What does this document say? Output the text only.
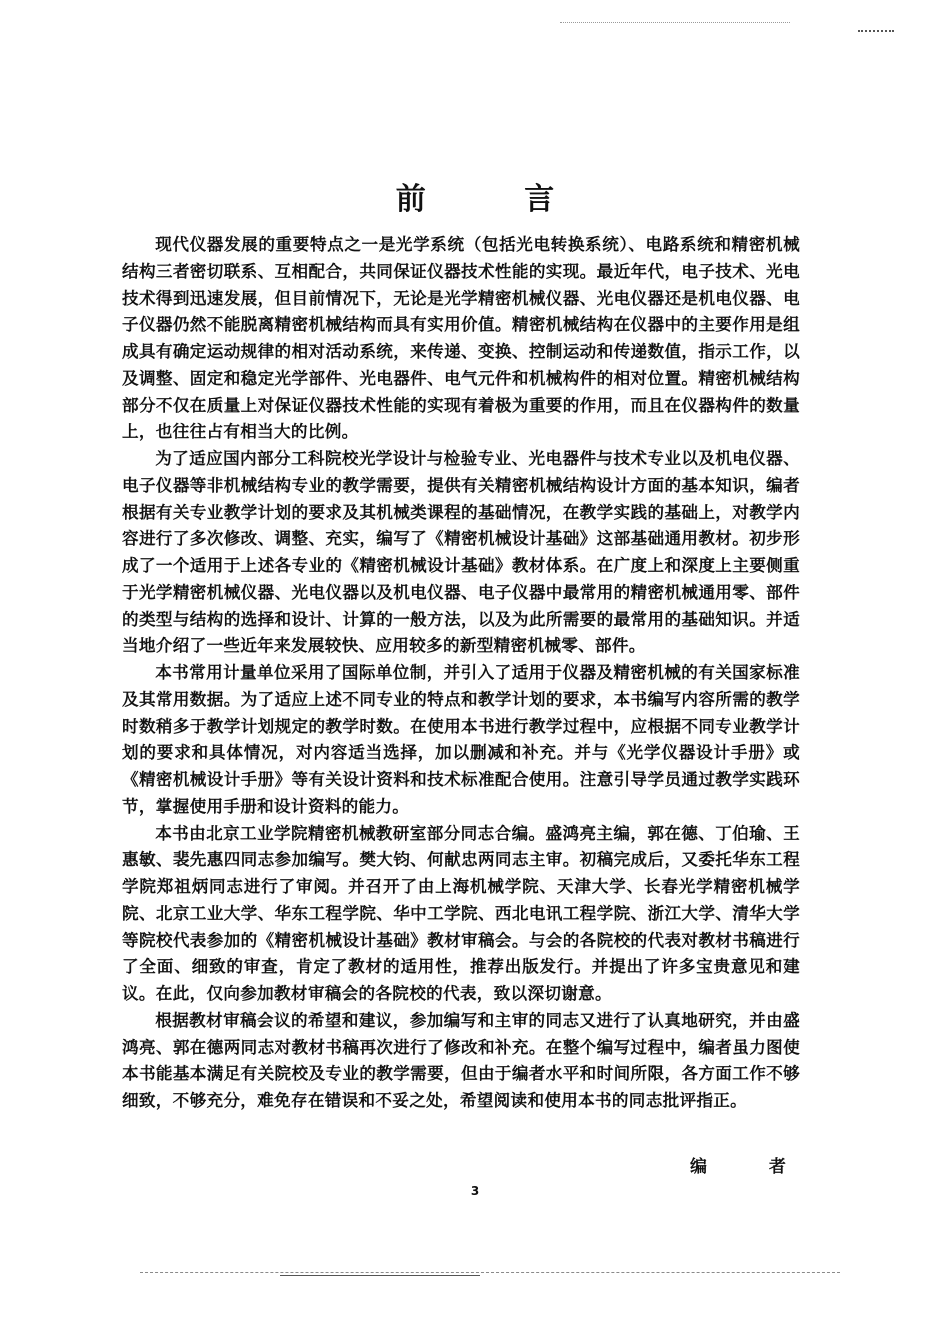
前 言

现代仪器发展的重要特点之一是光学系统（包括光电转换系统）、电路系统和精密机械结构三者密切联系、互相配合，共同保证仪器技术性能的实现。最近年代，电子技术、光电技术得到迅速发展，但目前情况下，无论是光学精密机械仪器、光电仪器还是机电仪器、电子仪器仍然不能脱离精密机械结构而具有实用价值。精密机械结构在仪器中的主要作用是组成具有确定运动规律的相对活动系统，来传递、变换、控制运动和传递数值，指示工作，以及调整、固定和稳定光学部件、光电器件、电气元件和机械构件的相对位置。精密机械结构部分不仅在质量上对保证仪器技术性能的实现有着极为重要的作用，而且在仪器构件的数量上，也往往占有相当大的比例。

为了适应国内部分工科院校光学设计与检验专业、光电器件与技术专业以及机电仪器、电子仪器等非机械结构专业的教学需要，提供有关精密机械结构设计方面的基本知识，编者根据有关专业教学计划的要求及其机械类课程的基础情况，在教学实践的基础上，对教学内容进行了多次修改、调整、充实，编写了《精密机械设计基础》这部基础通用教材。初步形成了一个适用于上述各专业的《精密机械设计基础》教材体系。在广度上和深度上主要侧重于光学精密机械仪器、光电仪器以及机电仪器、电子仪器中最常用的精密机械通用零、部件的类型与结构的选择和设计、计算的一般方法，以及为此所需要的最常用的基础知识。并适当地介绍了一些近年来发展较快、应用较多的新型精密机械零、部件。

本书常用计量单位采用了国际单位制，并引入了适用于仪器及精密机械的有关国家标准及其常用数据。为了适应上述不同专业的特点和教学计划的要求，本书编写内容所需的教学时数稍多于教学计划规定的教学时数。在使用本书进行教学过程中，应根据不同专业教学计划的要求和具体情况，对内容适当选择，加以删减和补充。并与《光学仪器设计手册》或《精密机械设计手册》等有关设计资料和技术标准配合使用。注意引导学员通过教学实践环节，掌握使用手册和设计资料的能力。

本书由北京工业学院精密机械教研室部分同志合编。盛鸿亮主编，郭在德、丁伯瑜、王惠敏、裴先惠四同志参加编写。樊大钧、何献忠两同志主审。初稿完成后，又委托华东工程学院郑祖炳同志进行了审阅。并召开了由上海机械学院、天津大学、长春光学精密机械学院、北京工业大学、华东工程学院、华中工学院、西北电讯工程学院、浙江大学、清华大学等院校代表参加的《精密机械设计基础》教材审稿会。与会的各院校的代表对教材书稿进行了全面、细致的审查，肯定了教材的适用性，推荐出版发行。并提出了许多宝贵意见和建议。在此，仅向参加教材审稿会的各院校的代表，致以深切谢意。

根据教材审稿会议的希望和建议，参加编写和主审的同志又进行了认真地研究，并由盛鸿亮、郭在德两同志对教材书稿再次进行了修改和补充。在整个编写过程中，编者虽力图使本书能基本满足有关院校及专业的教学需要，但由于编者水平和时间所限，各方面工作不够细致，不够充分，难免存在错误和不妥之处，希望阅读和使用本书的同志批评指正。

编 者
3
